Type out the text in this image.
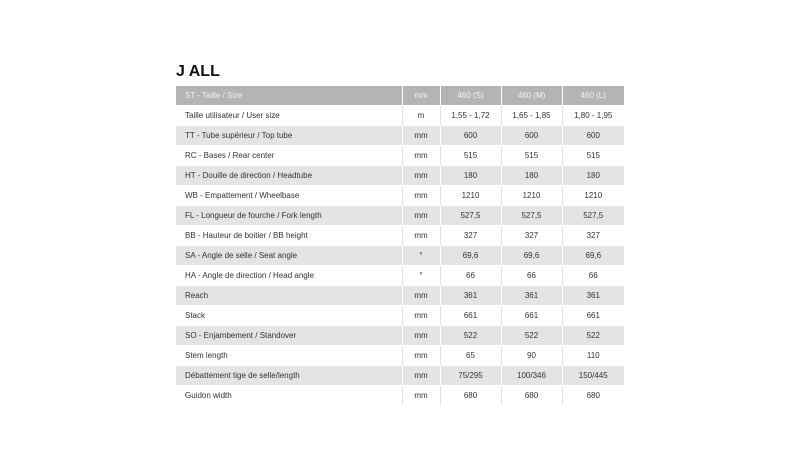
J ALL
ST - Taille / Size	mm	460 (S)	460 (M)	460 (L)
Taille utilisateur / User size	m	1,55 - 1,72	1,65 - 1,85	1,80 - 1,95
TT - Tube supérieur / Top tube	mm	600	600	600
RC - Bases / Rear center	mm	515	515	515
HT - Douille de direction / Headtube	mm	180	180	180
WB - Empattement / Wheelbase	mm	1210	1210	1210
FL - Longueur de fourche / Fork length	mm	527,5	527,5	527,5
BB - Hauteur de boitier / BB height	mm	327	327	327
SA - Angle de selle / Seat angle	°	69,6	69,6	69,6
HA - Angle de direction / Head angle	°	66	66	66
Reach	mm	361	361	361
Stack	mm	661	661	661
SO - Enjambement / Standover	mm	522	522	522
Stem length	mm	65	90	110
Débattement tige de selle/length	mm	75/295	100/346	150/445
Guidon width	mm	680	680	680
